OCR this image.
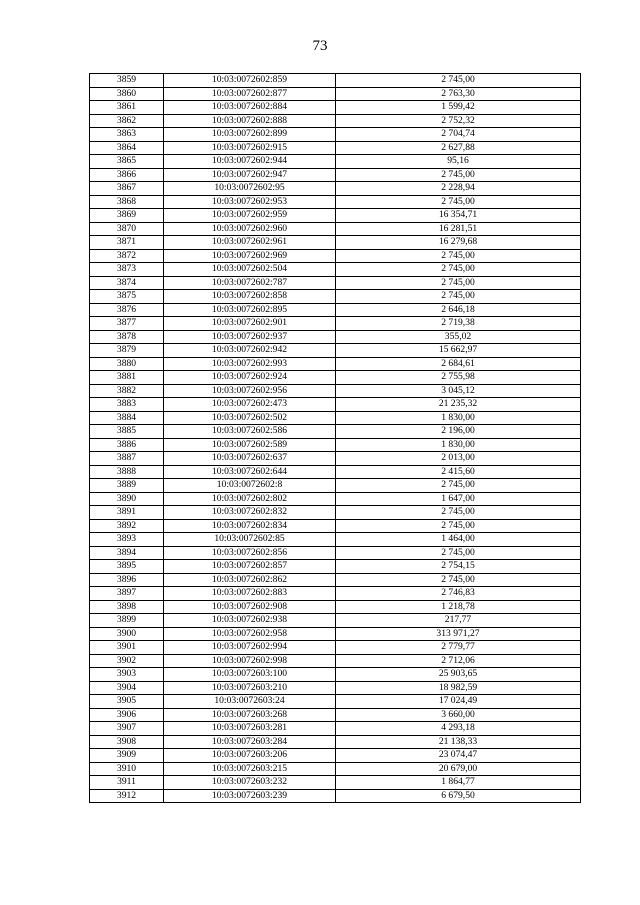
73
3859	10:03:0072602:859	2 745,00
3860	10:03:0072602:877	2 763,30
3861	10:03:0072602:884	1 599,42
3862	10:03:0072602:888	2 752,32
3863	10:03:0072602:899	2 704,74
3864	10:03:0072602:915	2 627,88
3865	10:03:0072602:944	95,16
3866	10:03:0072602:947	2 745,00
3867	10:03:0072602:95	2 228,94
3868	10:03:0072602:953	2 745,00
3869	10:03:0072602:959	16 354,71
3870	10:03:0072602:960	16 281,51
3871	10:03:0072602:961	16 279,68
3872	10:03:0072602:969	2 745,00
3873	10:03:0072602:504	2 745,00
3874	10:03:0072602:787	2 745,00
3875	10:03:0072602:858	2 745,00
3876	10:03:0072602:895	2 646,18
3877	10:03:0072602:901	2 719,38
3878	10:03:0072602:937	355,02
3879	10:03:0072602:942	15 662,97
3880	10:03:0072602:993	2 684,61
3881	10:03:0072602:924	2 755,98
3882	10:03:0072602:956	3 045,12
3883	10:03:0072602:473	21 235,32
3884	10:03:0072602:502	1 830,00
3885	10:03:0072602:586	2 196,00
3886	10:03:0072602:589	1 830,00
3887	10:03:0072602:637	2 013,00
3888	10:03:0072602:644	2 415,60
3889	10:03:0072602:8	2 745,00
3890	10:03:0072602:802	1 647,00
3891	10:03:0072602:832	2 745,00
3892	10:03:0072602:834	2 745,00
3893	10:03:0072602:85	1 464,00
3894	10:03:0072602:856	2 745,00
3895	10:03:0072602:857	2 754,15
3896	10:03:0072602:862	2 745,00
3897	10:03:0072602:883	2 746,83
3898	10:03:0072602:908	1 218,78
3899	10:03:0072602:938	217,77
3900	10:03:0072602:958	313 971,27
3901	10:03:0072602:994	2 779,77
3902	10:03:0072602:998	2 712,06
3903	10:03:0072603:100	25 903,65
3904	10:03:0072603:210	18 982,59
3905	10:03:0072603:24	17 024,49
3906	10:03:0072603:268	3 660,00
3907	10:03:0072603:281	4 293,18
3908	10:03:0072603:284	21 138,33
3909	10:03:0072603:206	23 074,47
3910	10:03:0072603:215	20 679,00
3911	10:03:0072603:232	1 864,77
3912	10:03:0072603:239	6 679,50
